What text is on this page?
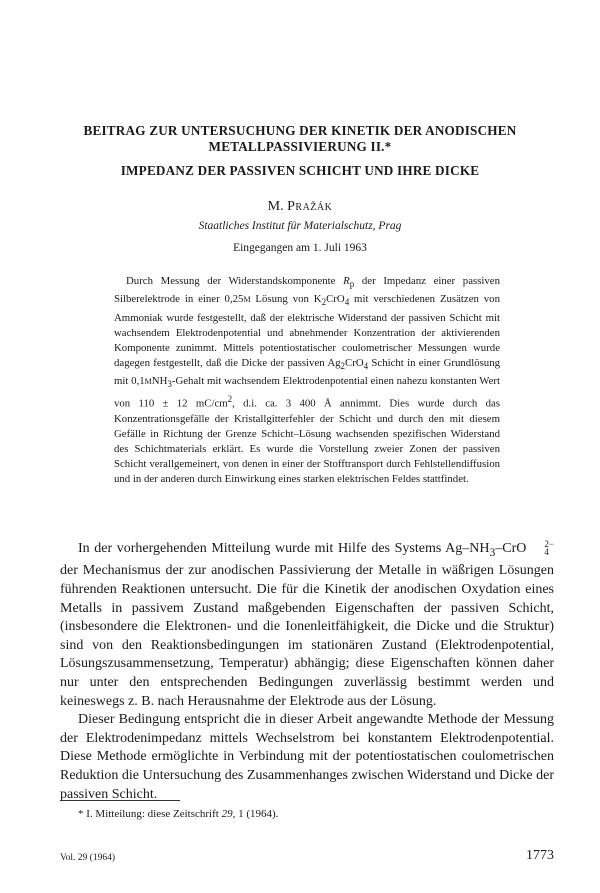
BEITRAG ZUR UNTERSUCHUNG DER KINETIK DER ANODISCHEN
METALLPASSIVIERUNG II.*
IMPEDANZ DER PASSIVEN SCHICHT UND IHRE DICKE
M. Pražák
Staatliches Institut für Materialschutz, Prag
Eingegangen am 1. Juli 1963

Durch Messung der Widerstandskomponente $R_p$ der Impedanz einer passiven Silberelektrode in einer 0,25m Lösung von $K_2CrO_4$ mit verschiedenen Zusätzen von Ammoniak wurde festgestellt, daß der elektrische Widerstand der passiven Schicht mit wachsendem Elektrodenpotential und abnehmender Konzentration der aktivierenden Komponente zunimmt. Mittels potentiostatischer coulometrischer Messungen wurde dagegen festgestellt, daß die Dicke der passiven $Ag_2CrO_4$ Schicht in einer Grundlösung mit 0,1mNH$_3$-Gehalt mit wachsendem Elektrodenpotential einen nahezu konstanten Wert von 110 ± 12 $mC/cm^2$, d.i. ca. 3 400 Å annimmt. Dies wurde durch das Konzentrationsgefälle der Kristallgitterfehler der Schicht und durch den mit diesem Gefälle in Richtung der Grenze Schicht–Lösung wachsenden spezifischen Widerstand des Schichtmaterials erklärt. Es wurde die Vorstellung zweier Zonen der passiven Schicht verallgemeinert, von denen in einer der Stofftransport durch Fehlstellendiffusion und in der anderen durch Einwirkung eines starken elektrischen Feldes stattfindet.

In der vorhergehenden Mitteilung wurde mit Hilfe des Systems $Ag-NH_3$–CrO	2−
4
der Mechanismus der zur anodischen Passivierung der Metalle in wäßrigen Lösungen führenden Reaktionen untersucht. Die für die Kinetik der anodischen Oxydation eines Metalls in passivem Zustand maßgebenden Eigenschaften der passiven Schicht, (insbesondere die Elektronen- und die Ionenleitfähigkeit, die Dicke und die Struktur) sind von den Reaktionsbedingungen im stationären Zustand (Elektrodenpotential, Lösungszusammensetzung, Temperatur) abhängig; diese Eigenschaften können daher nur unter den entsprechenden Bedingungen zuverlässig bestimmt werden und keineswegs z. B. nach Herausnahme der Elektrode aus der Lösung.

Dieser Bedingung entspricht die in dieser Arbeit angewandte Methode der Messung der Elektrodenimpedanz mittels Wechselstrom bei konstantem Elektrodenpotential. Diese Methode ermöglichte in Verbindung mit der potentiostatischen coulometrischen Reduktion die Untersuchung des Zusammenhanges zwischen Widerstand und Dicke der passiven Schicht.

* I. Mitteilung: diese Zeitschrift 29, 1 (1964).
Vol. 29 (1964)	1773
